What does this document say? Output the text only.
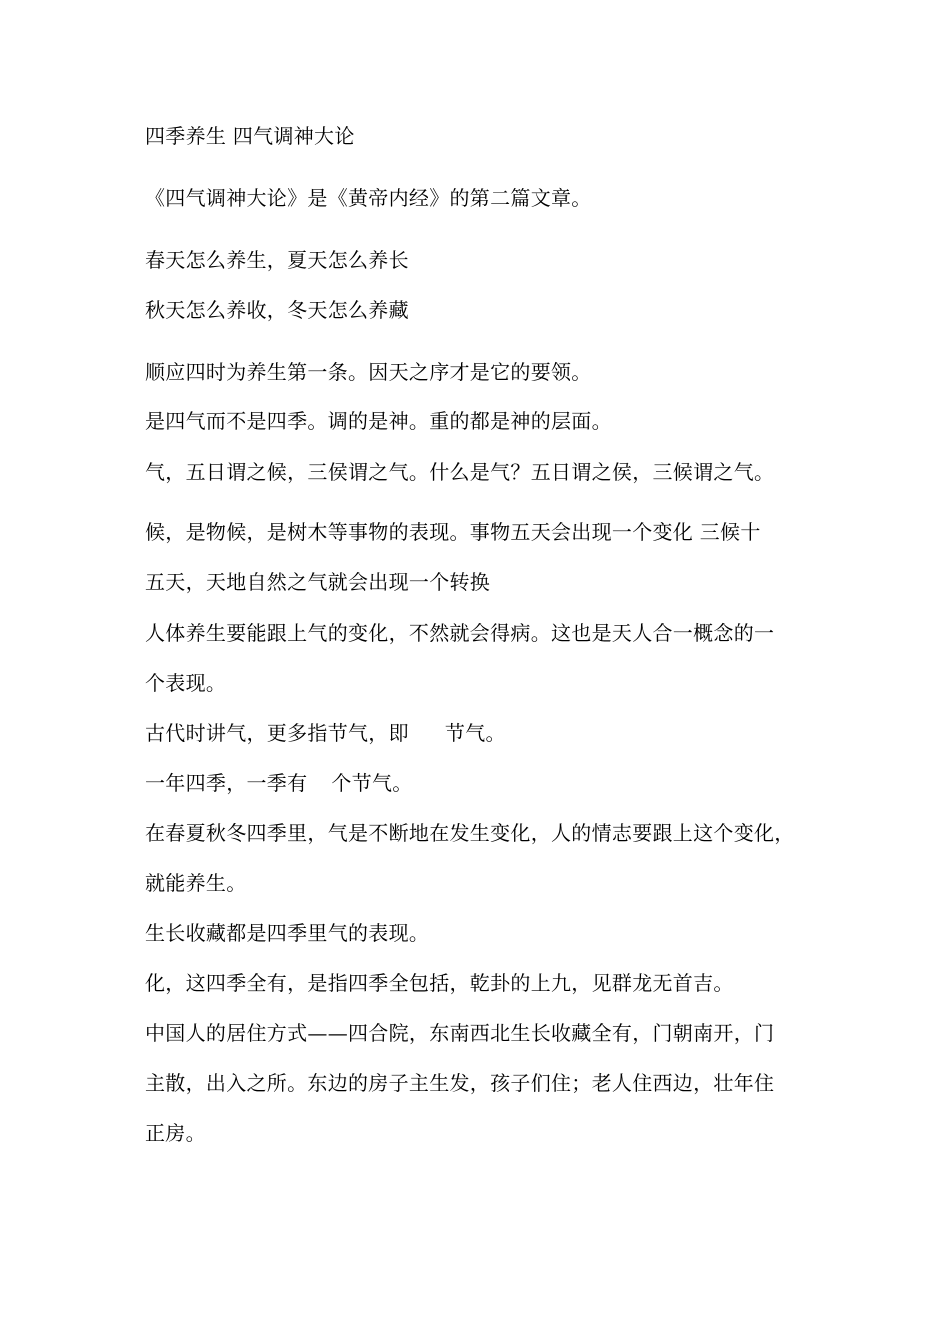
四季养生 四气调神大论
《四气调神大论》是《黄帝内经》的第二篇文章。
春天怎么养生，夏天怎么养长
秋天怎么养收，冬天怎么养藏
顺应四时为养生第一条。因天之序才是它的要领。
是四气而不是四季。调的是神。重的都是神的层面。
气，五日谓之候，三侯谓之气。什么是气？五日谓之侯，三候谓之气。
候，是物候，是树木等事物的表现。事物五天会出现一个变化 三候十
五天，天地自然之气就会出现一个转换
人体养生要能跟上气的变化，不然就会得病。这也是天人合一概念的一
个表现。
古代时讲气，更多指节气，即 节气。
一年四季，一季有 个节气。
在春夏秋冬四季里，气是不断地在发生变化，人的情志要跟上这个变化，
就能养生。
生长收藏都是四季里气的表现。
化，这四季全有，是指四季全包括，乾卦的上九，见群龙无首吉。
中国人的居住方式——四合院，东南西北生长收藏全有，门朝南开，门
主散，出入之所。东边的房子主生发，孩子们住；老人住西边，壮年住
正房。
